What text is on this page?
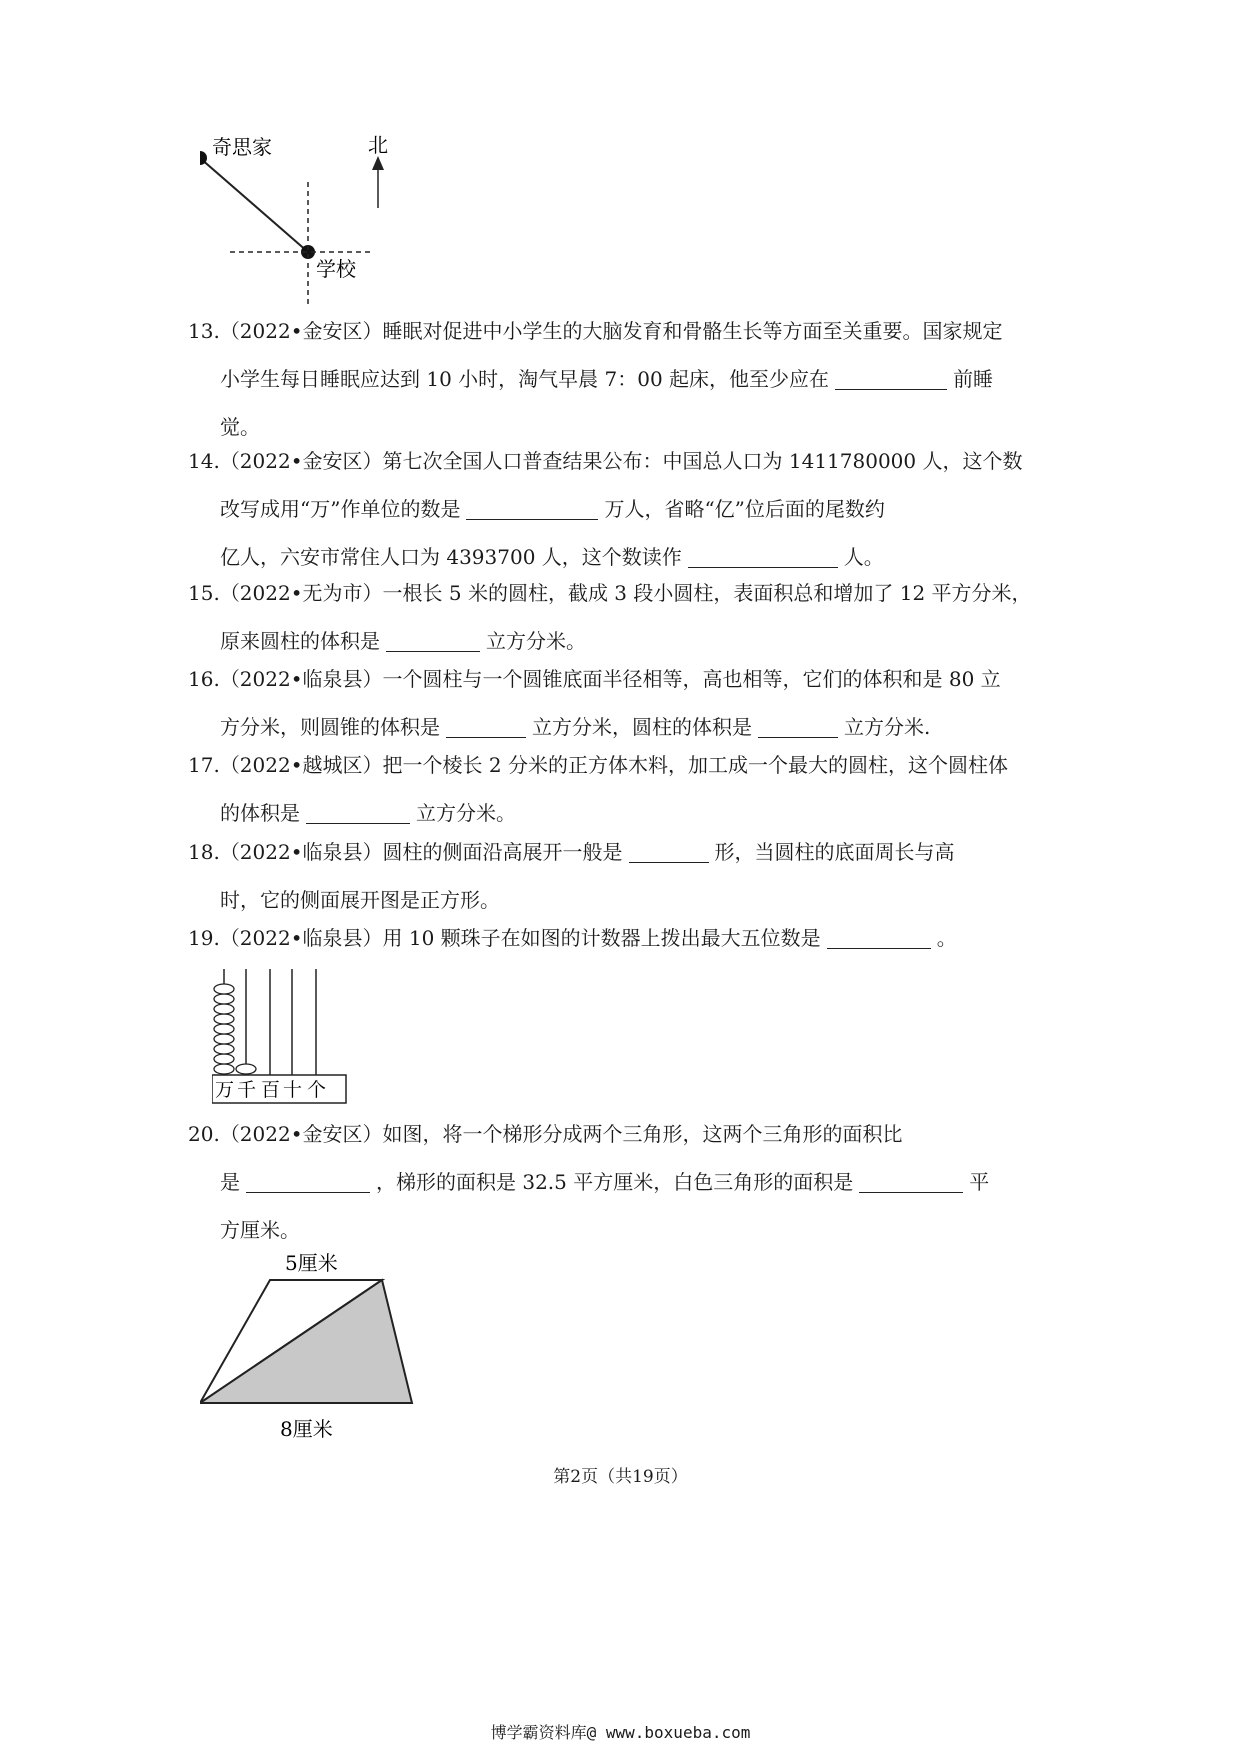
奇思家	北
学校
13.（2022•金安区）睡眠对促进中小学生的大脑发育和骨骼生长等方面至关重要。国家规定
小学生每日睡眠应达到 10 小时，淘气早晨 7：00 起床，他至少应在	前睡
觉。
14.（2022•金安区）第七次全国人口普查结果公布：中国总人口为 1411780000 人，这个数
改写成用“万”作单位的数是	万人，省略“亿”位后面的尾数约
亿人，六安市常住人口为 4393700 人，这个数读作	人。
15.（2022•无为市）一根长 5 米的圆柱，截成 3 段小圆柱，表面积总和增加了 12 平方分米，
原来圆柱的体积是	立方分米。
16.（2022•临泉县）一个圆柱与一个圆锥底面半径相等，高也相等，它们的体积和是 80 立
方分米，则圆锥的体积是	立方分米，圆柱的体积是	立方分米.
17.（2022•越城区）把一个棱长 2 分米的正方体木料，加工成一个最大的圆柱，这个圆柱体
的体积是	立方分米。
18.（2022•临泉县）圆柱的侧面沿高展开一般是	形，当圆柱的底面周长与高
时，它的侧面展开图是正方形。
19.（2022•临泉县）用 10 颗珠子在如图的计数器上拨出最大五位数是	。
万 千 百 十 个
20.（2022•金安区）如图，将一个梯形分成两个三角形，这两个三角形的面积比
是	，梯形的面积是 32.5 平方厘米，白色三角形的面积是	平
方厘米。
5厘米
8厘米
第2页（共19页）
博学霸资料库@ www.boxueba.com
